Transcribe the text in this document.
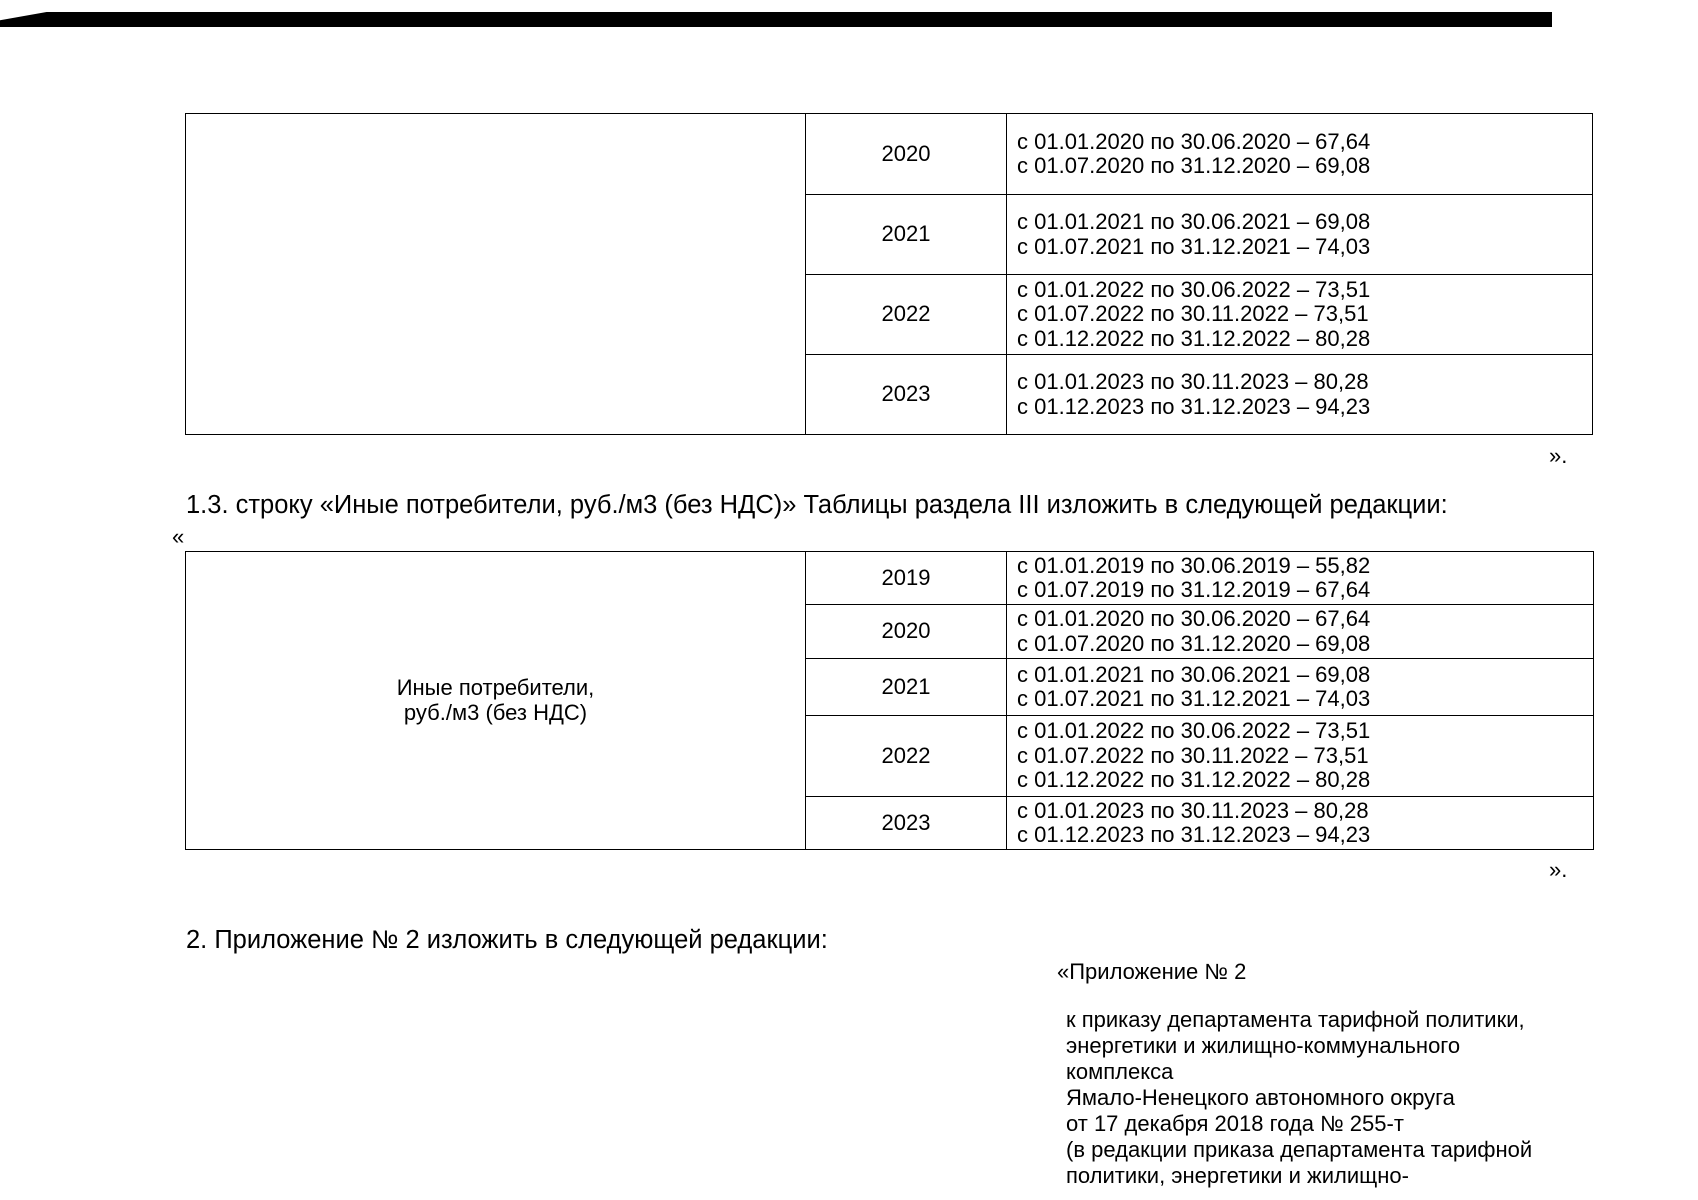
	2020	с 01.01.2020 по 30.06.2020 – 67,64
с 01.07.2020 по 31.12.2020 – 69,08

	2021	с 01.01.2021 по 30.06.2021 – 69,08
с 01.07.2021 по 31.12.2021 – 74,03

	2022	с 01.01.2022 по 30.06.2022 – 73,51
с 01.07.2022 по 30.11.2022 – 73,51
с 01.12.2022 по 31.12.2022 – 80,28

	2023	с 01.01.2023 по 30.11.2023 – 80,28
с 01.12.2023 по 31.12.2023 – 94,23
».
1.3. строку «Иные потребители, руб./м3 (без НДС)» Таблицы раздела III изложить в следующей редакции:
«
Иные потребители,
руб./м3 (без НДС)	2019	с 01.01.2019 по 30.06.2019 – 55,82
с 01.07.2019 по 31.12.2019 – 67,64

	2020	с 01.01.2020 по 30.06.2020 – 67,64
с 01.07.2020 по 31.12.2020 – 69,08

	2021	с 01.01.2021 по 30.06.2021 – 69,08
с 01.07.2021 по 31.12.2021 – 74,03

	2022	с 01.01.2022 по 30.06.2022 – 73,51
с 01.07.2022 по 30.11.2022 – 73,51
с 01.12.2022 по 31.12.2022 – 80,28

	2023	с 01.01.2023 по 30.11.2023 – 80,28
с 01.12.2023 по 31.12.2023 – 94,23
».
2. Приложение № 2 изложить в следующей редакции:
«Приложение № 2
к приказу департамента тарифной политики,
энергетики и жилищно-коммунального
комплекса
Ямало-Ненецкого автономного округа
от 17 декабря 2018 года № 255-т
(в редакции приказа департамента тарифной
политики, энергетики и жилищно-
